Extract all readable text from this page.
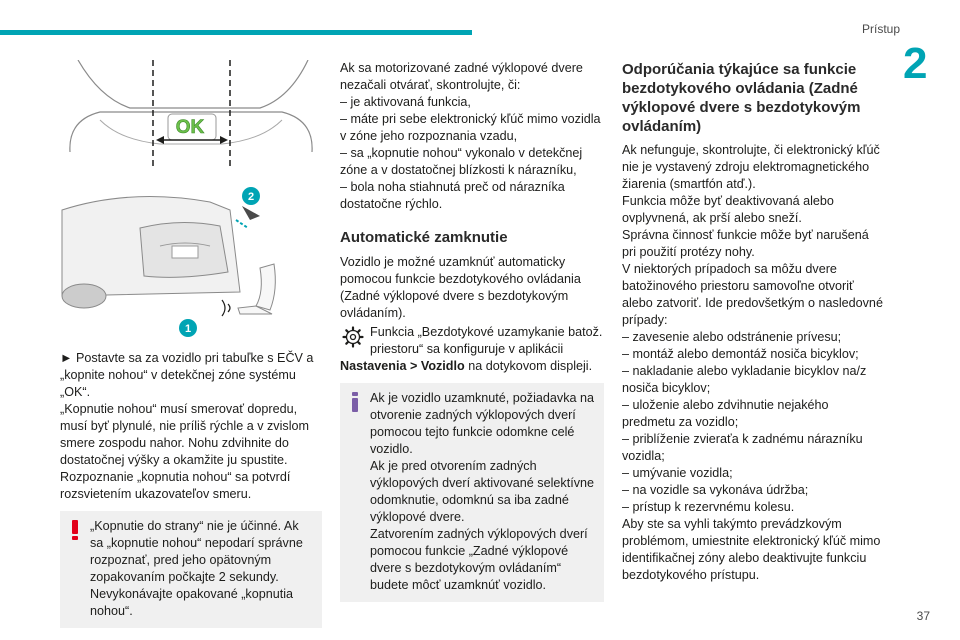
Prístup
2
37
OK
2
1

► Postavte sa za vozidlo pri tabuľke s EČV a „kopnite nohou“ v detekčnej zóne systému „OK“.
„Kopnutie nohou“ musí smerovať dopredu, musí byť plynulé, nie príliš rýchle a v zvislom smere zospodu nahor. Nohu zdvihnite do dostatočnej výšky a okamžite ju spustite.
Rozpoznanie „kopnutia nohou“ sa potvrdí rozsvietením ukazovateľov smeru.

„Kopnutie do strany“ nie je účinné. Ak sa „kopnutie nohou“ nepodarí správne rozpoznať, pred jeho opätovným zopakovaním počkajte 2 sekundy.
Nevykonávajte opakované „kopnutia nohou“.

Ak sa motorizované zadné výklopové dvere nezačali otvárať, skontrolujte, či:
– je aktivovaná funkcia,
– máte pri sebe elektronický kľúč mimo vozidla v zóne jeho rozpoznania vzadu,
– sa „kopnutie nohou“ vykonalo v detekčnej zóne a v dostatočnej blízkosti k nárazníku,
– bola noha stiahnutá preč od nárazníka dostatočne rýchlo.

Automatické zamknutie

Vozidlo je možné uzamknúť automaticky pomocou funkcie bezdotykového ovládania (Zadné výklopové dvere s bezdotykovým ovládaním).

Funkcia „Bezdotykové uzamykanie batož. priestoru“ sa konfiguruje v aplikácii

Nastavenia > Vozidlo na dotykovom displeji.

Ak je vozidlo uzamknuté, požiadavka na otvorenie zadných výklopových dverí pomocou tejto funkcie odomkne celé vozidlo.
Ak je pred otvorením zadných výklopových dverí aktivované selektívne odomknutie, odomknú sa iba zadné výklopové dvere.
Zatvorením zadných výklopových dverí pomocou funkcie „Zadné výklopové dvere s bezdotykovým ovládaním“ budete môcť uzamknúť vozidlo.

Odporúčania týkajúce sa funkcie bezdotykového ovládania (Zadné výklopové dvere s bezdotykovým ovládaním)

Ak nefunguje, skontrolujte, či elektronický kľúč nie je vystavený zdroju elektromagnetického žiarenia (smartfón atď.).
Funkcia môže byť deaktivovaná alebo ovplyvnená, ak prší alebo sneží.
Správna činnosť funkcie môže byť narušená pri použití protézy nohy.
V niektorých prípadoch sa môžu dvere batožinového priestoru samovoľne otvoriť alebo zatvoriť. Ide predovšetkým o nasledovné prípady:
– zavesenie alebo odstránenie prívesu;
– montáž alebo demontáž nosiča bicyklov;
– nakladanie alebo vykladanie bicyklov na/z nosiča bicyklov;
– uloženie alebo zdvihnutie nejakého predmetu za vozidlo;
– priblíženie zvieraťa k zadnému nárazníku vozidla;
– umývanie vozidla;
– na vozidle sa vykonáva údržba;
– prístup k rezervnému kolesu.
Aby ste sa vyhli takýmto prevádzkovým problémom, umiestnite elektronický kľúč mimo identifikačnej zóny alebo deaktivujte funkciu bezdotykového prístupu.
